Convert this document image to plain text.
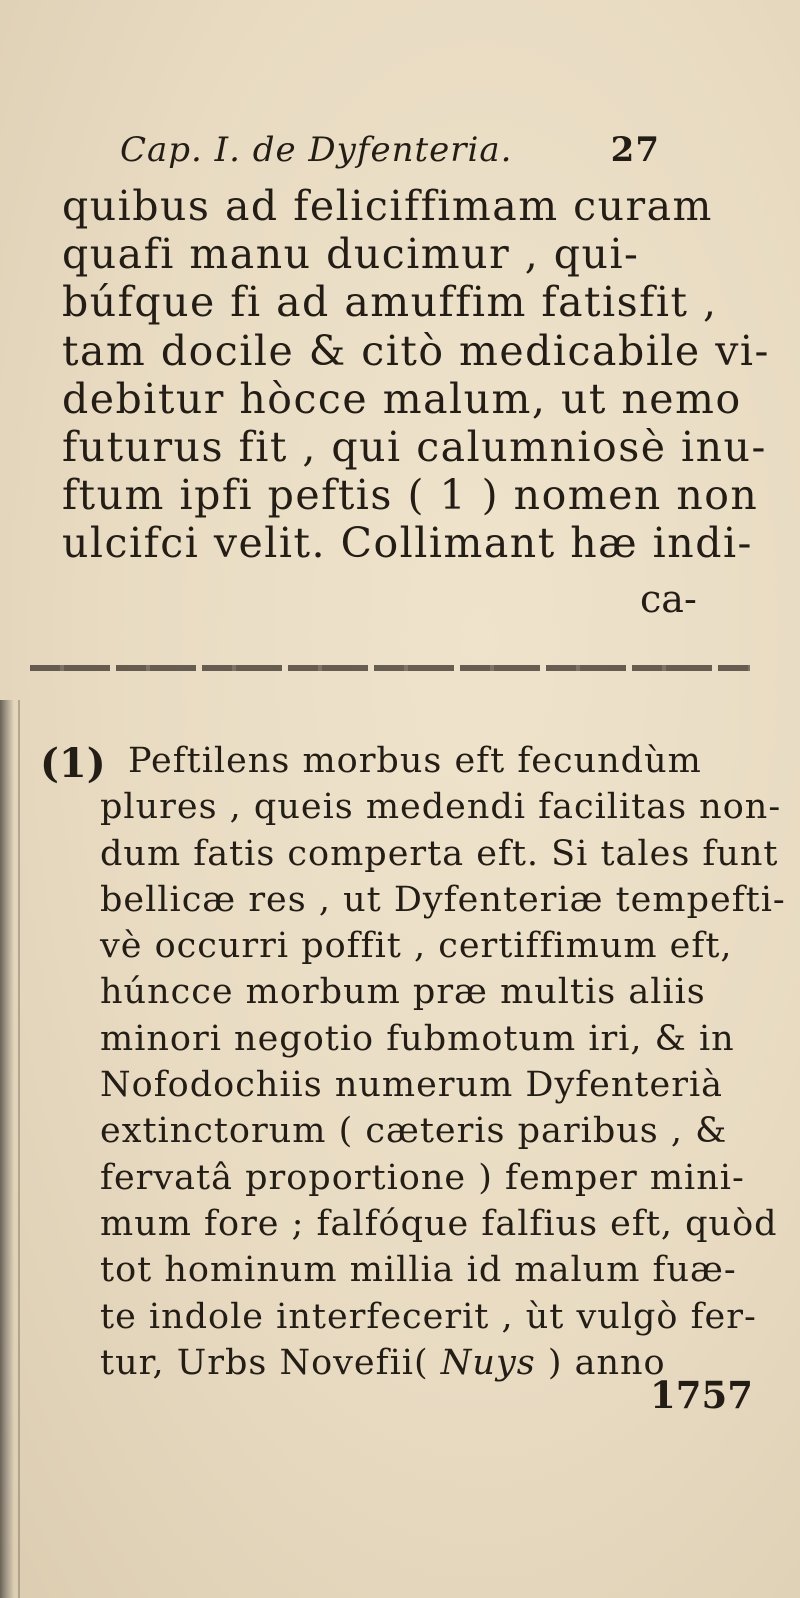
Cap. I. de Dyfenteria.	27
quibus ad feliciffimam curam
quafi manu ducimur , qui-
búfque fi ad amuffim fatisfit ,
tam docile & citò medicabile vi-
debitur hòcce malum, ut nemo
futurus fit , qui calumniosè inu-
ftum ipfi peftis ( 1 ) nomen non
ulcifci velit. Collimant hæ indi-
ca-
(1) Peftilens morbus eft fecundùm
plures , queis medendi facilitas non-
dum fatis comperta eft. Si tales funt
bellicæ res , ut Dyfenteriæ tempefti-
vè occurri poffit , certiffimum eft,
húncce morbum præ multis aliis
minori negotio fubmotum iri, & in
Nofodochiis numerum Dyfenterià
extinctorum ( cæteris paribus , &
fervatâ proportione ) femper mini-
mum fore ; falfóque falfius eft, quòd
tot hominum millia id malum fuæ-
te indole interfecerit , ùt vulgò fer-
tur, Urbs Novefii( Nuys ) anno
1757
